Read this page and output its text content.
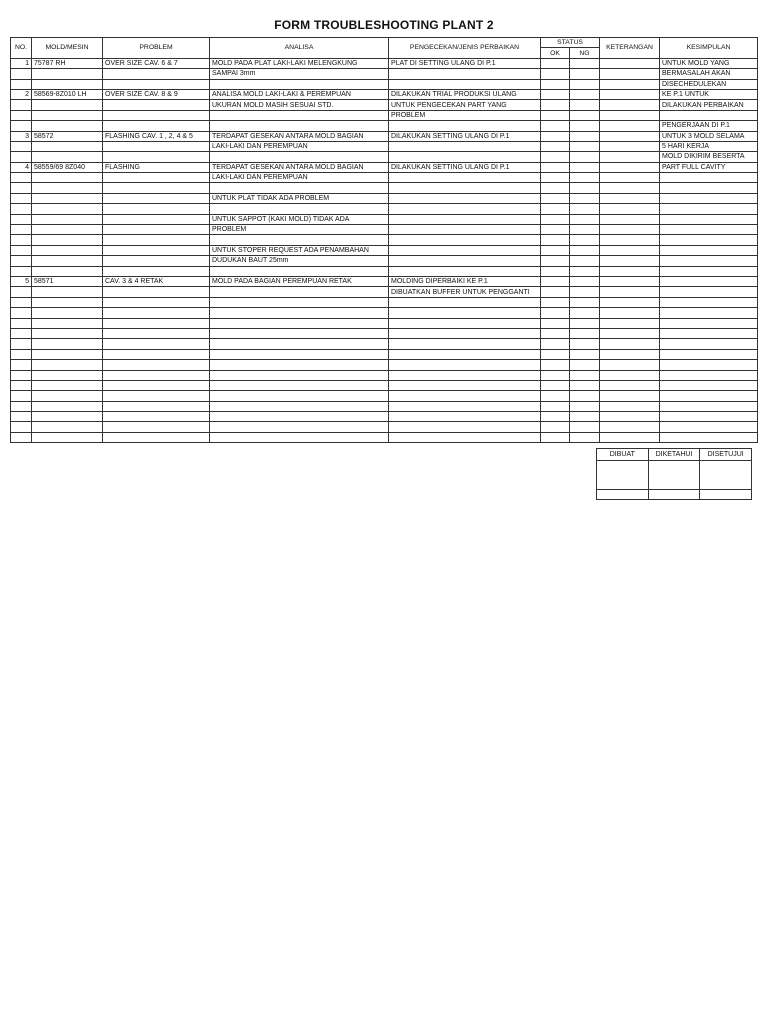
FORM TROUBLESHOOTING PLANT 2
NO.	MOLD/MESIN	PROBLEM	ANALISA	PENGECEKAN/JENIS PERBAIKAN	STATUS		KETERANGAN	KESIMPULAN
					OK	NG		
1	75787 RH	OVER SIZE CAV. 6 & 7	MOLD PADA PLAT LAKI-LAKI MELENGKUNG	PLAT DI SETTING ULANG DI P.1				UNTUK MOLD YANG
			SAMPAI 3mm					BERMASALAH AKAN
								DISECHEDULEKAN
2	58569-8Z010 LH	OVER SIZE CAV. 8 & 9	ANALISA MOLD LAKI-LAKI & PEREMPUAN	DILAKUKAN TRIAL PRODUKSI ULANG				KE P.1 UNTUK
			UKURAN MOLD MASIH SESUAI STD.	UNTUK PENGECEKAN PART YANG				DILAKUKAN PERBAIKAN
				PROBLEM				
								PENGERJAAN DI P.1
3	58572	FLASHING CAV. 1 , 2, 4 & 5	TERDAPAT GESEKAN ANTARA MOLD BAGIAN	DILAKUKAN SETTING ULANG DI P.1				UNTUK 3 MOLD SELAMA
			LAKI-LAKI DAN PEREMPUAN					5 HARI KERJA
								MOLD DIKIRIM BESERTA
4	58559/69 8Z040	FLASHING	TERDAPAT GESEKAN ANTARA MOLD BAGIAN	DILAKUKAN SETTING ULANG DI P.1				PART FULL CAVITY
			LAKI-LAKI DAN PEREMPUAN					

			UNTUK PLAT TIDAK ADA PROBLEM					

			UNTUK SAPPOT (KAKI MOLD) TIDAK ADA					
			PROBLEM					

			UNTUK STOPER REQUEST ADA PENAMBAHAN					
			DUDUKAN BAUT 25mm					

5	58571	CAV. 3 & 4 RETAK	MOLD PADA BAGIAN PEREMPUAN RETAK	MOLDING DIPERBAIKI KE P.1				
				DIBUATKAN BUFFER UNTUK PENGGANTI				

DIBUAT	DIKETAHUI	DISETUJUI
